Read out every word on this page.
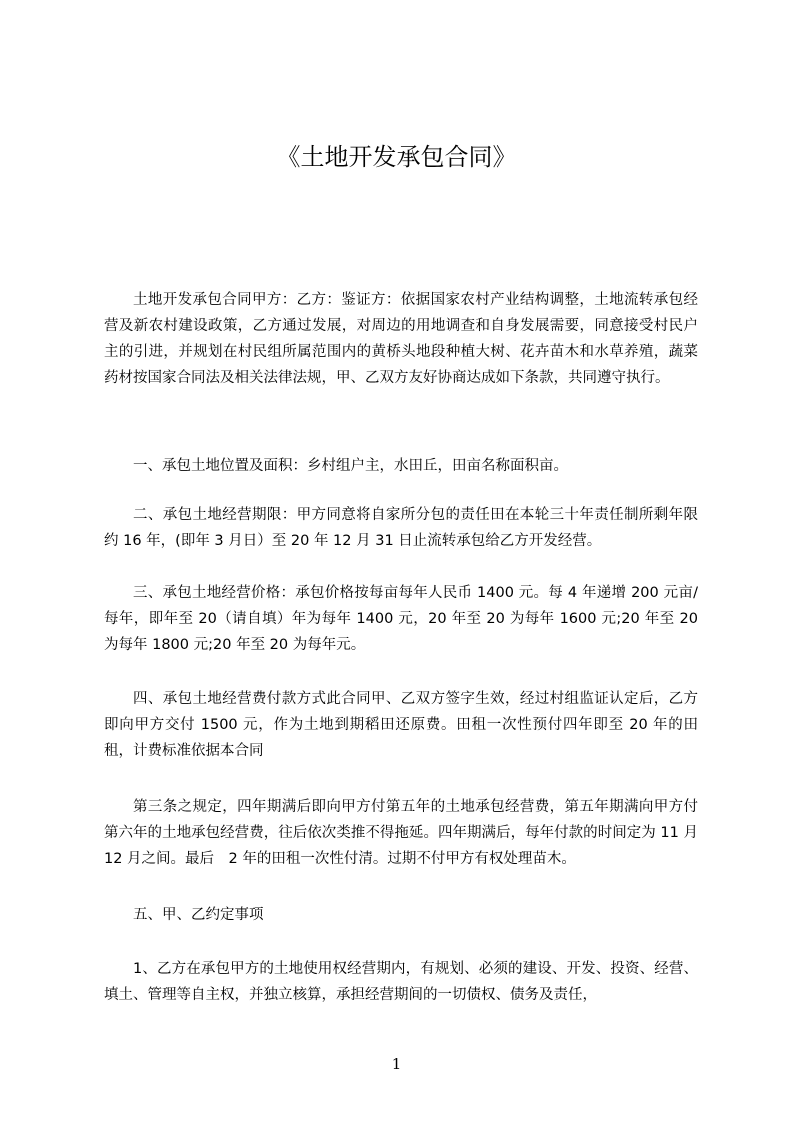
《土地开发承包合同》

土地开发承包合同甲方：乙方：鉴证方：依据国家农村产业结构调整，土地流转承包经营及新农村建设政策，乙方通过发展，对周边的用地调查和自身发展需要，同意接受村民户主的引进，并规划在村民组所属范围内的黄桥头地段种植大树、花卉苗木和水草养殖，蔬菜药材按国家合同法及相关法律法规，甲、乙双方友好协商达成如下条款，共同遵守执行。

一、承包土地位置及面积：乡村组户主，水田丘，田亩名称面积亩。

二、承包土地经营期限：甲方同意将自家所分包的责任田在本轮三十年责任制所剩年限约 16 年，(即年 3 月日）至 20 年 12 月 31 日止流转承包给乙方开发经营。

三、承包土地经营价格：承包价格按每亩每年人民币 1400 元。每 4 年递增 200 元亩/每年，即年至 20（请自填）年为每年 1400 元，20 年至 20 为每年 1600 元;20 年至 20 为每年 1800 元;20 年至 20 为每年元。

四、承包土地经营费付款方式此合同甲、乙双方签字生效，经过村组监证认定后，乙方即向甲方交付 1500 元，作为土地到期稻田还原费。田租一次性预付四年即至 20 年的田租，计费标准依据本合同

第三条之规定，四年期满后即向甲方付第五年的土地承包经营费，第五年期满向甲方付第六年的土地承包经营费，往后依次类推不得拖延。四年期满后，每年付款的时间定为 11 月 12 月之间。最后　2 年的田租一次性付清。过期不付甲方有权处理苗木。

五、甲、乙约定事项

1、乙方在承包甲方的土地使用权经营期内，有规划、必须的建设、开发、投资、经营、填土、管理等自主权，并独立核算，承担经营期间的一切债权、债务及责任，

1
